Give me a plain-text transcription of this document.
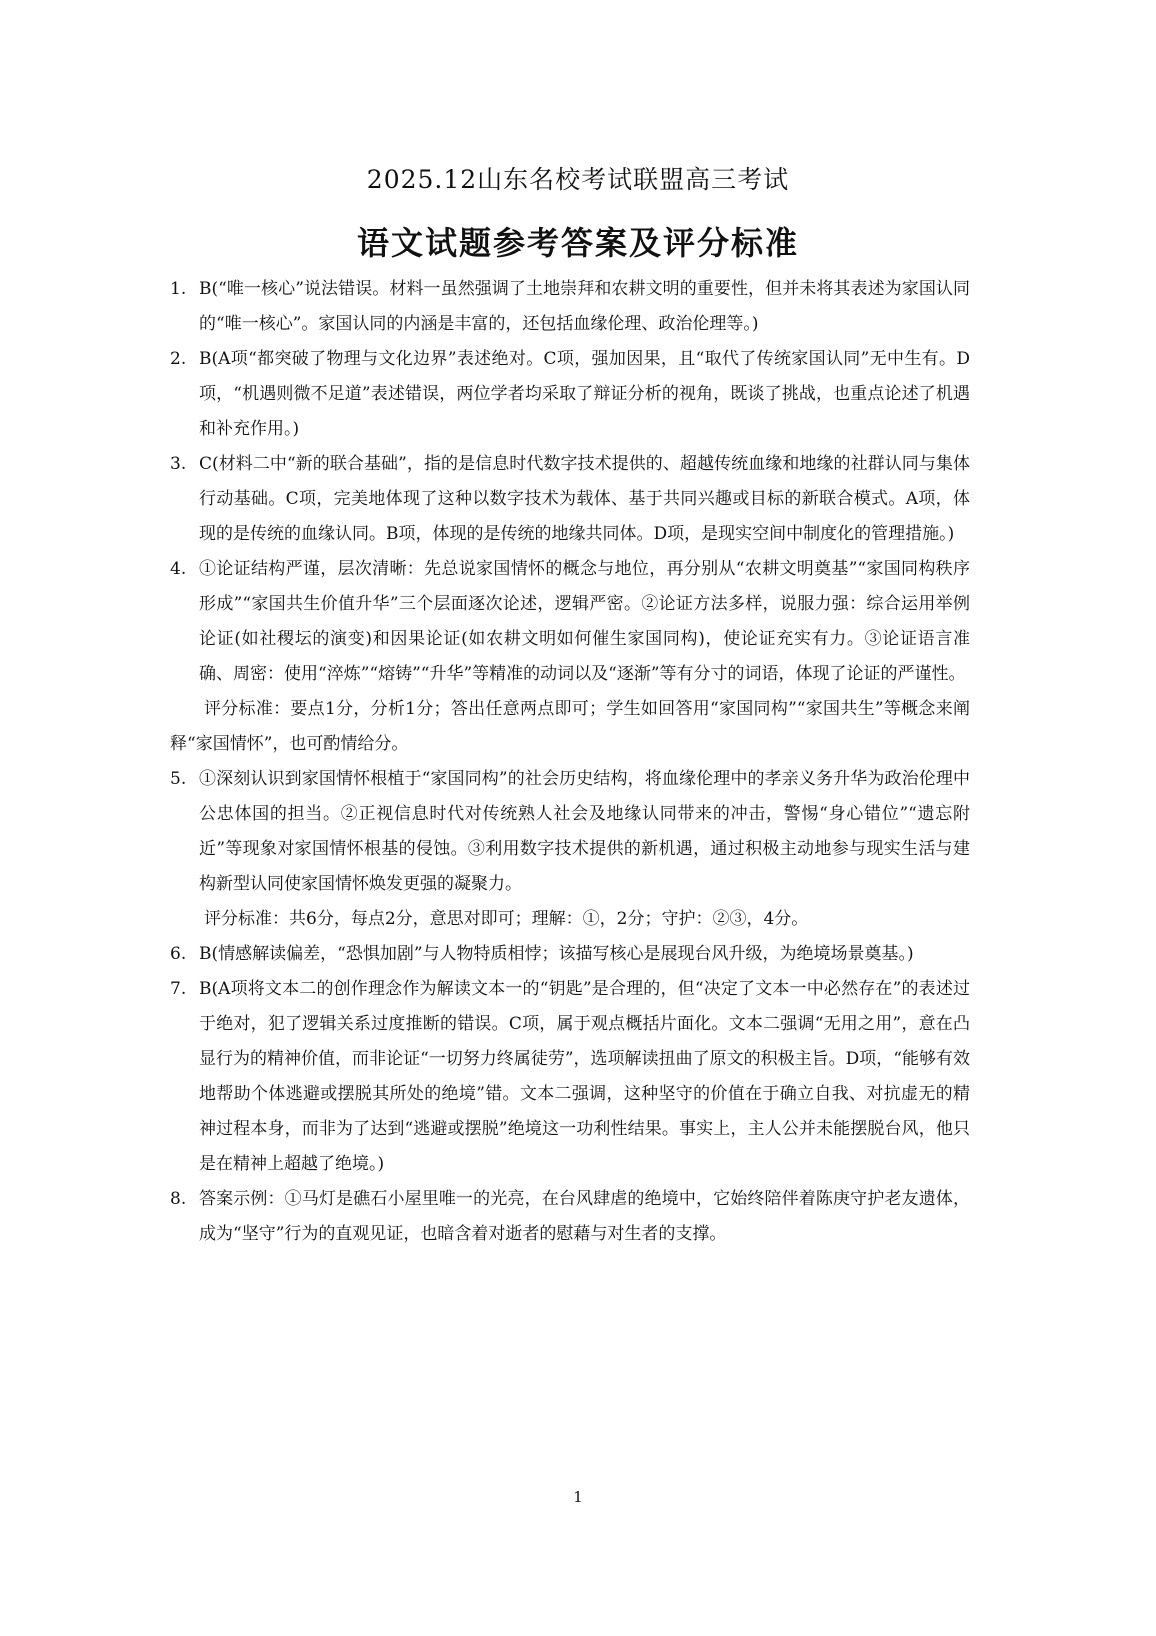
2025.12山东名校考试联盟高三考试
语文试题参考答案及评分标准
1. B(“唯一核心”说法错误。材料一虽然强调了土地崇拜和农耕文明的重要性，但并未将其表述为家国认同的“唯一核心”。家国认同的内涵是丰富的，还包括血缘伦理、政治伦理等。)
2. B(A项“都突破了物理与文化边界”表述绝对。C项，强加因果，且“取代了传统家国认同”无中生有。D项，“机遇则微不足道”表述错误，两位学者均采取了辩证分析的视角，既谈了挑战，也重点论述了机遇和补充作用。)
3. C(材料二中“新的联合基础”，指的是信息时代数字技术提供的、超越传统血缘和地缘的社群认同与集体行动基础。C项，完美地体现了这种以数字技术为载体、基于共同兴趣或目标的新联合模式。A项，体现的是传统的血缘认同。B项，体现的是传统的地缘共同体。D项，是现实空间中制度化的管理措施。)
4. ①论证结构严谨，层次清晰：先总说家国情怀的概念与地位，再分别从“农耕文明奠基”“家国同构秩序形成”“家国共生价值升华”三个层面逐次论述，逻辑严密。②论证方法多样，说服力强：综合运用举例论证(如社稷坛的演变)和因果论证(如农耕文明如何催生家国同构)，使论证充实有力。③论证语言准确、周密：使用“淬炼”“熔铸”“升华”等精准的动词以及“逐渐”等有分寸的词语，体现了论证的严谨性。
评分标准：要点1分，分析1分；答出任意两点即可；学生如回答用“家国同构”“家国共生”等概念来阐释“家国情怀”，也可酌情给分。
5. ①深刻认识到家国情怀根植于“家国同构”的社会历史结构，将血缘伦理中的孝亲义务升华为政治伦理中公忠体国的担当。②正视信息时代对传统熟人社会及地缘认同带来的冲击，警惕“身心错位”“遗忘附近”等现象对家国情怀根基的侵蚀。③利用数字技术提供的新机遇，通过积极主动地参与现实生活与建构新型认同使家国情怀焕发更强的凝聚力。
评分标准：共6分，每点2分，意思对即可；理解：①，2分；守护：②③，4分。
6. B(情感解读偏差，“恐惧加剧”与人物特质相悖；该描写核心是展现台风升级，为绝境场景奠基。)
7. B(A项将文本二的创作理念作为解读文本一的“钥匙”是合理的，但“决定了文本一中必然存在”的表述过于绝对，犯了逻辑关系过度推断的错误。C项，属于观点概括片面化。文本二强调“无用之用”，意在凸显行为的精神价值，而非论证“一切努力终属徒劳”，选项解读扭曲了原文的积极主旨。D项，“能够有效地帮助个体逃避或摆脱其所处的绝境”错。文本二强调，这种坚守的价值在于确立自我、对抗虚无的精神过程本身，而非为了达到“逃避或摆脱”绝境这一功利性结果。事实上，主人公并未能摆脱台风，他只是在精神上超越了绝境。)
8. 答案示例：①马灯是礁石小屋里唯一的光亮，在台风肆虐的绝境中，它始终陪伴着陈庚守护老友遗体，成为“坚守”行为的直观见证，也暗含着对逝者的慰藉与对生者的支撑。
1
